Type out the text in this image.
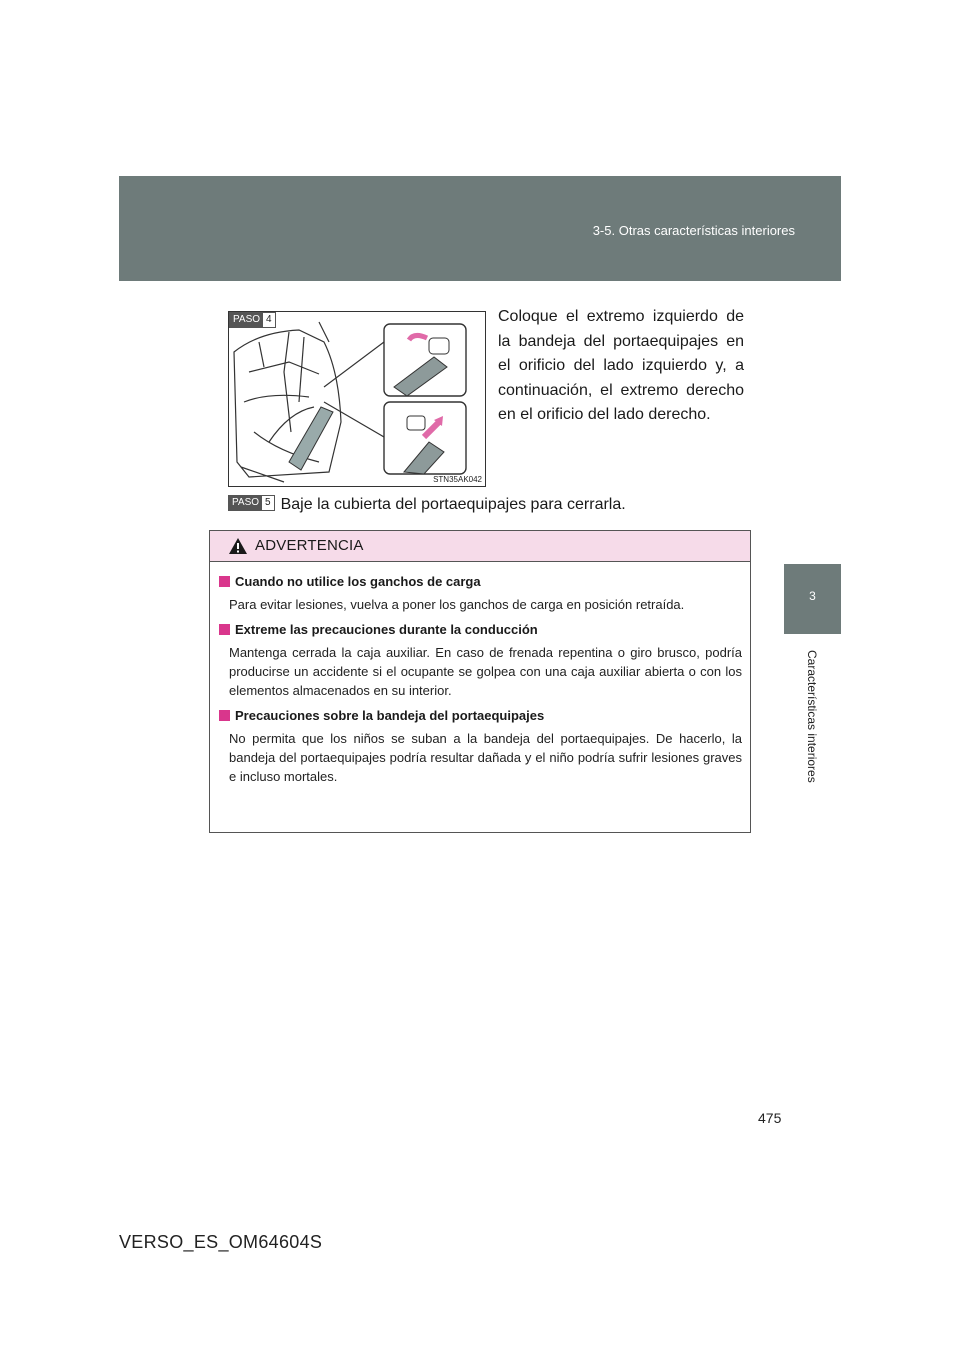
3-5. Otras características interiores
3
Características interiores
PASO 4
STN35AK042
Coloque el extremo izquierdo de la bandeja del portaequipajes en el orificio del lado izquierdo y, a continuación, el extremo derecho en el orificio del lado derecho.
PASO 5 Baje la cubierta del portaequipajes para cerrarla.
ADVERTENCIA
Cuando no utilice los ganchos de carga
Para evitar lesiones, vuelva a poner los ganchos de carga en posición retraída.
Extreme las precauciones durante la conducción
Mantenga cerrada la caja auxiliar. En caso de frenada repentina o giro brusco, podría producirse un accidente si el ocupante se golpea con una caja auxiliar abierta o con los elementos almacenados en su interior.
Precauciones sobre la bandeja del portaequipajes
No permita que los niños se suban a la bandeja del portaequipajes. De hacerlo, la bandeja del portaequipajes podría resultar dañada y el niño podría sufrir lesiones graves e incluso mortales.
475
VERSO_ES_OM64604S
